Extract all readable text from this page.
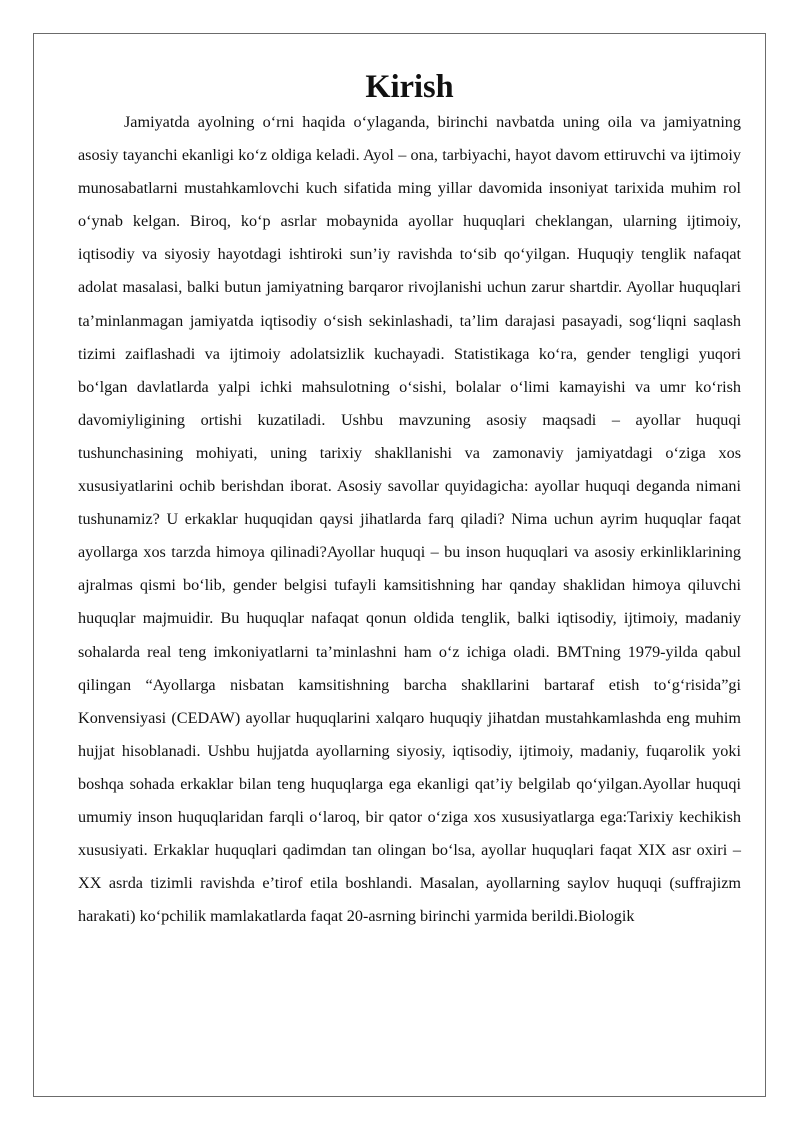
Kirish

Jamiyatda ayolning o‘rni haqida o‘ylaganda, birinchi navbatda uning oila va jamiyatning asosiy tayanchi ekanligi ko‘z oldiga keladi. Ayol – ona, tarbiyachi, hayot davom ettiruvchi va ijtimoiy munosabatlarni mustahkamlovchi kuch sifatida ming yillar davomida insoniyat tarixida muhim rol o‘ynab kelgan. Biroq, ko‘p asrlar mobaynida ayollar huquqlari cheklangan, ularning ijtimoiy, iqtisodiy va siyosiy hayotdagi ishtiroki sun’iy ravishda to‘sib qo‘yilgan. Huquqiy tenglik nafaqat adolat masalasi, balki butun jamiyatning barqaror rivojlanishi uchun zarur shartdir. Ayollar huquqlari ta’minlanmagan jamiyatda iqtisodiy o‘sish sekinlashadi, ta’lim darajasi pasayadi, sog‘liqni saqlash tizimi zaiflashadi va ijtimoiy adolatsizlik kuchayadi. Statistikaga ko‘ra, gender tengligi yuqori bo‘lgan davlatlarda yalpi ichki mahsulotning o‘sishi, bolalar o‘limi kamayishi va umr ko‘rish davomiyligining ortishi kuzatiladi. Ushbu mavzuning asosiy maqsadi – ayollar huquqi tushunchasining mohiyati, uning tarixiy shakllanishi va zamonaviy jamiyatdagi o‘ziga xos xususiyatlarini ochib berishdan iborat. Asosiy savollar quyidagicha: ayollar huquqi deganda nimani tushunamiz? U erkaklar huquqidan qaysi jihatlarda farq qiladi? Nima uchun ayrim huquqlar faqat ayollarga xos tarzda himoya qilinadi?Ayollar huquqi – bu inson huquqlari va asosiy erkinliklarining ajralmas qismi bo‘lib, gender belgisi tufayli kamsitishning har qanday shaklidan himoya qiluvchi huquqlar majmuidir. Bu huquqlar nafaqat qonun oldida tenglik, balki iqtisodiy, ijtimoiy, madaniy sohalarda real teng imkoniyatlarni ta’minlashni ham o‘z ichiga oladi. BMTning 1979-yilda qabul qilingan “Ayollarga nisbatan kamsitishning barcha shakllarini bartaraf etish to‘g‘risida”gi Konvensiyasi (CEDAW) ayollar huquqlarini xalqaro huquqiy jihatdan mustahkamlashda eng muhim hujjat hisoblanadi. Ushbu hujjatda ayollarning siyosiy, iqtisodiy, ijtimoiy, madaniy, fuqarolik yoki boshqa sohada erkaklar bilan teng huquqlarga ega ekanligi qat’iy belgilab qo‘yilgan.Ayollar huquqi umumiy inson huquqlaridan farqli o‘laroq, bir qator o‘ziga xos xususiyatlarga ega:Tarixiy kechikish xususiyati. Erkaklar huquqlari qadimdan tan olingan bo‘lsa, ayollar huquqlari faqat XIX asr oxiri – XX asrda tizimli ravishda e’tirof etila boshlandi. Masalan, ayollarning saylov huquqi (suffrajizm harakati) ko‘pchilik mamlakatlarda faqat 20-asrning birinchi yarmida berildi.Biologik
